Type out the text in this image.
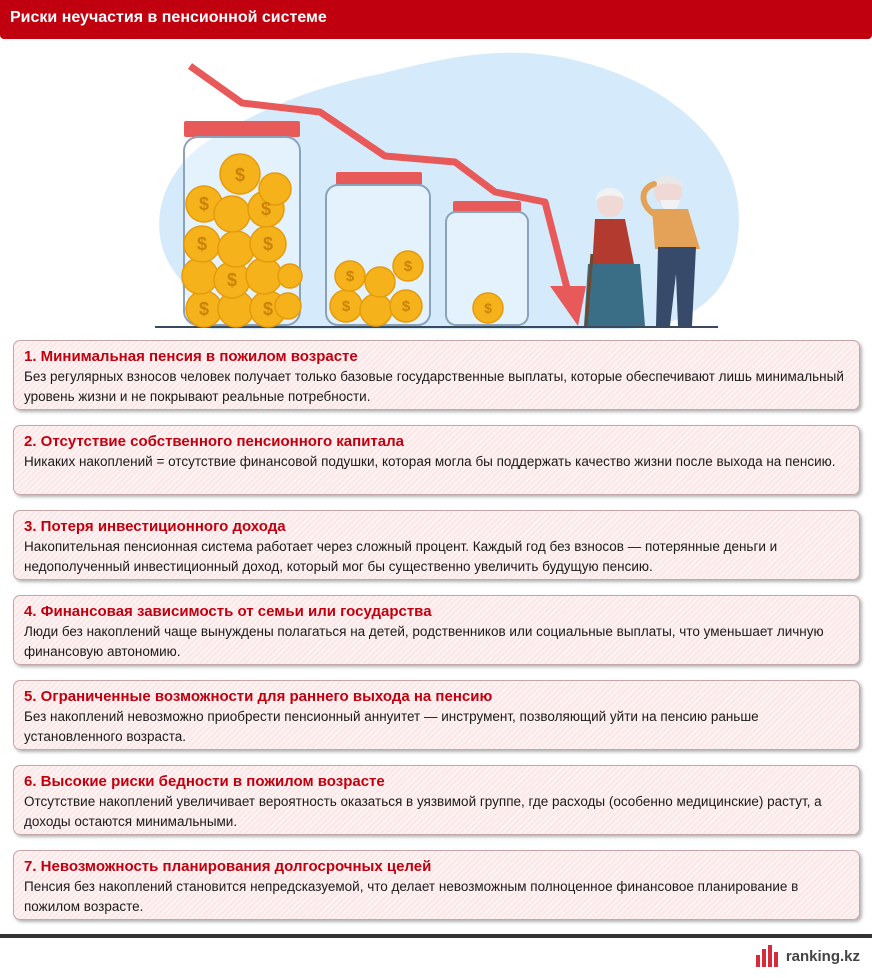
Риски неучастия в пенсионной системе
$	$
$
$	$
$	$
$
$	$
$
$
$
1. Минимальная пенсия в пожилом возрасте
Без регулярных взносов человек получает только базовые государственные выплаты, которые обеспечивают лишь минимальный уровень жизни и не покрывают реальные потребности.
2. Отсутствие собственного пенсионного капитала
Никаких накоплений = отсутствие финансовой подушки, которая могла бы поддержать качество жизни после выхода на пенсию.
3. Потеря инвестиционного дохода
Накопительная пенсионная система работает через сложный процент. Каждый год без взносов — потерянные деньги и недополученный инвестиционный доход, который мог бы существенно увеличить будущую пенсию.
4. Финансовая зависимость от семьи или государства
Люди без накоплений чаще вынуждены полагаться на детей, родственников или социальные выплаты, что уменьшает личную финансовую автономию.
5. Ограниченные возможности для раннего выхода на пенсию
Без накоплений невозможно приобрести пенсионный аннуитет — инструмент, позволяющий уйти на пенсию раньше установленного возраста.
6. Высокие риски бедности в пожилом возрасте
Отсутствие накоплений увеличивает вероятность оказаться в уязвимой группе, где расходы (особенно медицинские) растут, а доходы остаются минимальными.
7. Невозможность планирования долгосрочных целей
Пенсия без накоплений становится непредсказуемой, что делает невозможным полноценное финансовое планирование в пожилом возрасте.
ranking.kz
